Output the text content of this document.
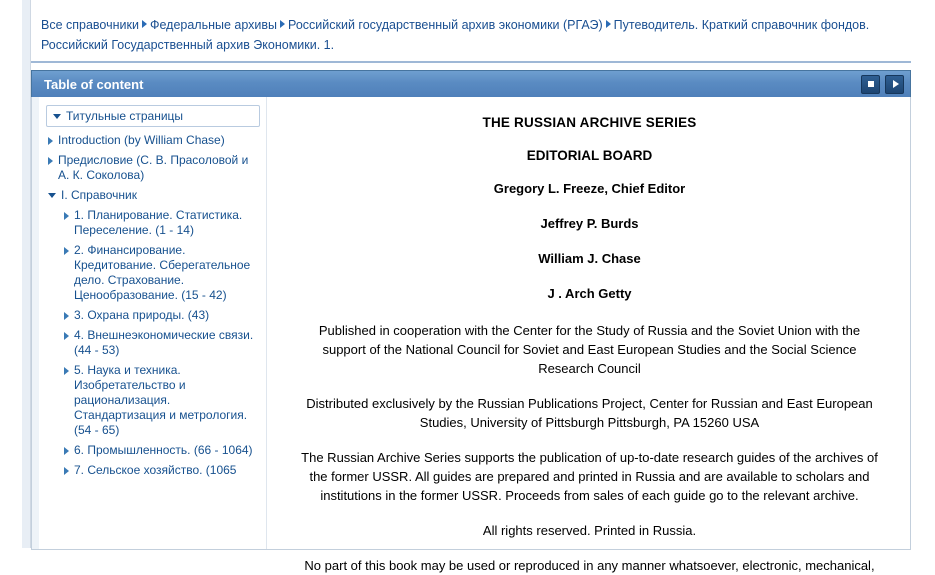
Все справочники Федеральные архивы Российский государственный архив экономики (РГАЭ) Путеводитель. Краткий справочник фондов. Российский Государственный архив Экономики. 1.
Table of content
Титульные страницы
Introduction (by William Chase)
Предисловие (С. В. Прасоловой и А. К. Соколова)
I. Справочник
1. Планирование. Статистика. Переселение. (1 - 14)
2. Финансирование. Кредитование. Сберегательное дело. Страхование. Ценообразование. (15 - 42)
3. Охрана природы. (43)
4. Внешнеэкономические связи. (44 - 53)
5. Наука и техника. Изобретательство и рационализация. Стандартизация и метрология. (54 - 65)
6. Промышленность. (66 - 1064)
7. Сельское хозяйство. (1065
THE RUSSIAN ARCHIVE SERIES
EDITORIAL BOARD
Gregory L. Freeze, Chief Editor
Jeffrey P. Burds
William J. Chase
J . Arch Getty
Published in cooperation with the Center for the Study of Russia and the Soviet Union with the support of the National Council for Soviet and East European Studies and the Social Science Research Council
Distributed exclusively by the Russian Publications Project, Center for Russian and East European Studies, University of Pittsburgh Pittsburgh, PA 15260 USA
The Russian Archive Series supports the publication of up-to-date research guides of the archives of the former USSR. All guides are prepared and printed in Russia and are available to scholars and institutions in the former USSR. Proceeds from sales of each guide go to the relevant archive.
All rights reserved. Printed in Russia.
No part of this book may be used or reproduced in any manner whatsoever, electronic, mechanical,
